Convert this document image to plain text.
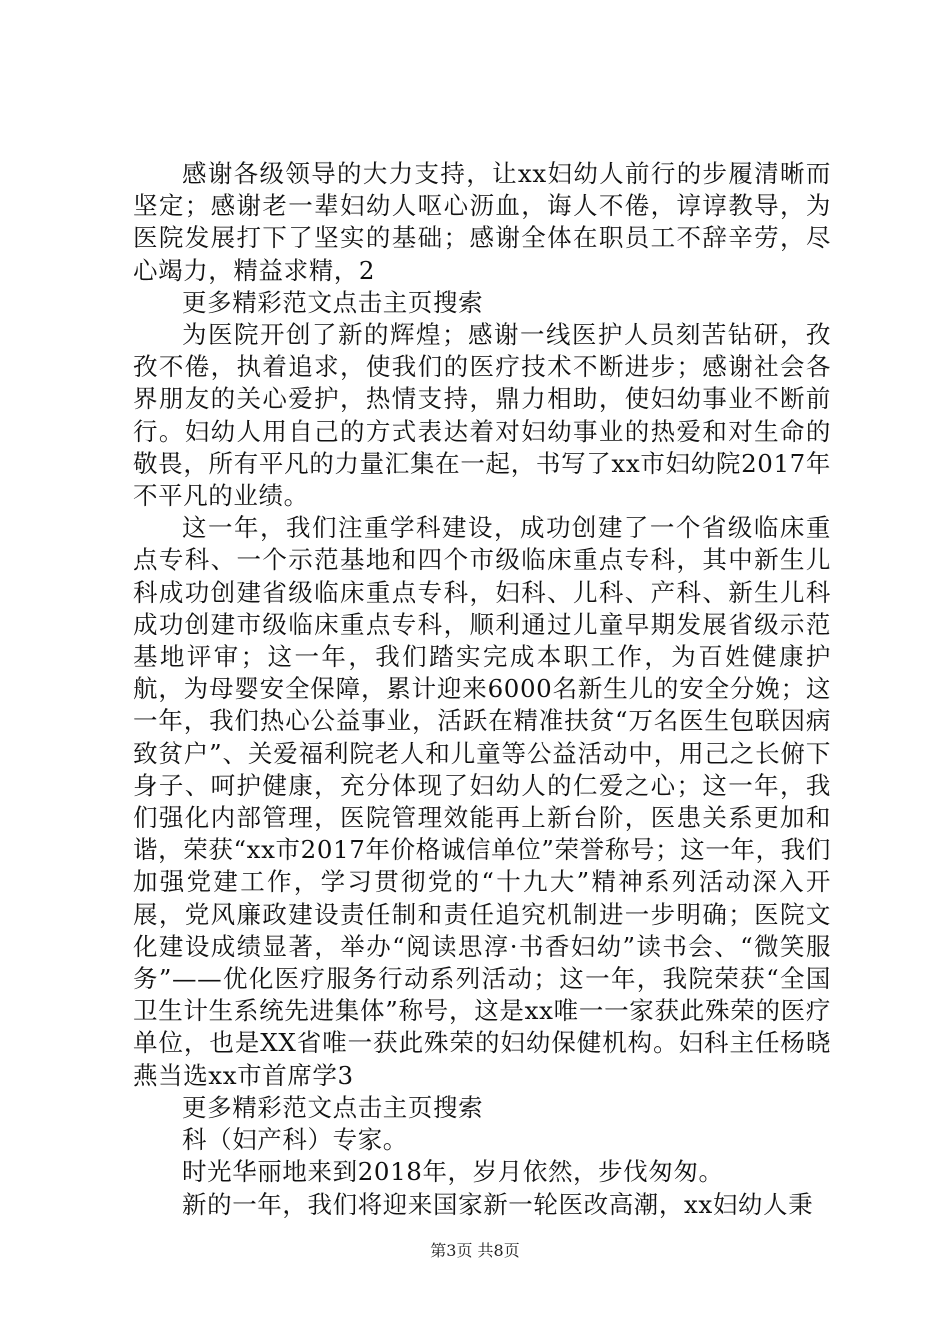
感谢各级领导的大力支持，让xx妇幼人前行的步履清晰而坚定；感谢老一辈妇幼人呕心沥血，诲人不倦，谆谆教导，为医院发展打下了坚实的基础；感谢全体在职员工不辞辛劳，尽心竭力，精益求精，2

更多精彩范文点击主页搜索

为医院开创了新的辉煌；感谢一线医护人员刻苦钻研，孜孜不倦，执着追求，使我们的医疗技术不断进步；感谢社会各界朋友的关心爱护，热情支持，鼎力相助，使妇幼事业不断前行。妇幼人用自己的方式表达着对妇幼事业的热爱和对生命的敬畏，所有平凡的力量汇集在一起，书写了xx市妇幼院2017年不平凡的业绩。

这一年，我们注重学科建设，成功创建了一个省级临床重点专科、一个示范基地和四个市级临床重点专科，其中新生儿科成功创建省级临床重点专科，妇科、儿科、产科、新生儿科成功创建市级临床重点专科，顺利通过儿童早期发展省级示范基地评审；这一年，我们踏实完成本职工作，为百姓健康护航，为母婴安全保障，累计迎来6000名新生儿的安全分娩；这一年，我们热心公益事业，活跃在精准扶贫“万名医生包联因病致贫户”、关爱福利院老人和儿童等公益活动中，用己之长俯下身子、呵护健康，充分体现了妇幼人的仁爱之心；这一年，我们强化内部管理，医院管理效能再上新台阶，医患关系更加和谐，荣获“xx市2017年价格诚信单位”荣誉称号；这一年，我们加强党建工作，学习贯彻党的“十九大”精神系列活动深入开展，党风廉政建设责任制和责任追究机制进一步明确；医院文化建设成绩显著，举办“阅读思淳·书香妇幼”读书会、“微笑服务”——优化医疗服务行动系列活动；这一年，我院荣获“全国卫生计生系统先进集体”称号，这是xx唯一一家获此殊荣的医疗单位，也是XX省唯一获此殊荣的妇幼保健机构。妇科主任杨晓燕当选xx市首席学3

更多精彩范文点击主页搜索

科（妇产科）专家。

时光华丽地来到2018年，岁月依然，步伐匆匆。

新的一年，我们将迎来国家新一轮医改高潮，xx妇幼人秉

第3页 共8页
